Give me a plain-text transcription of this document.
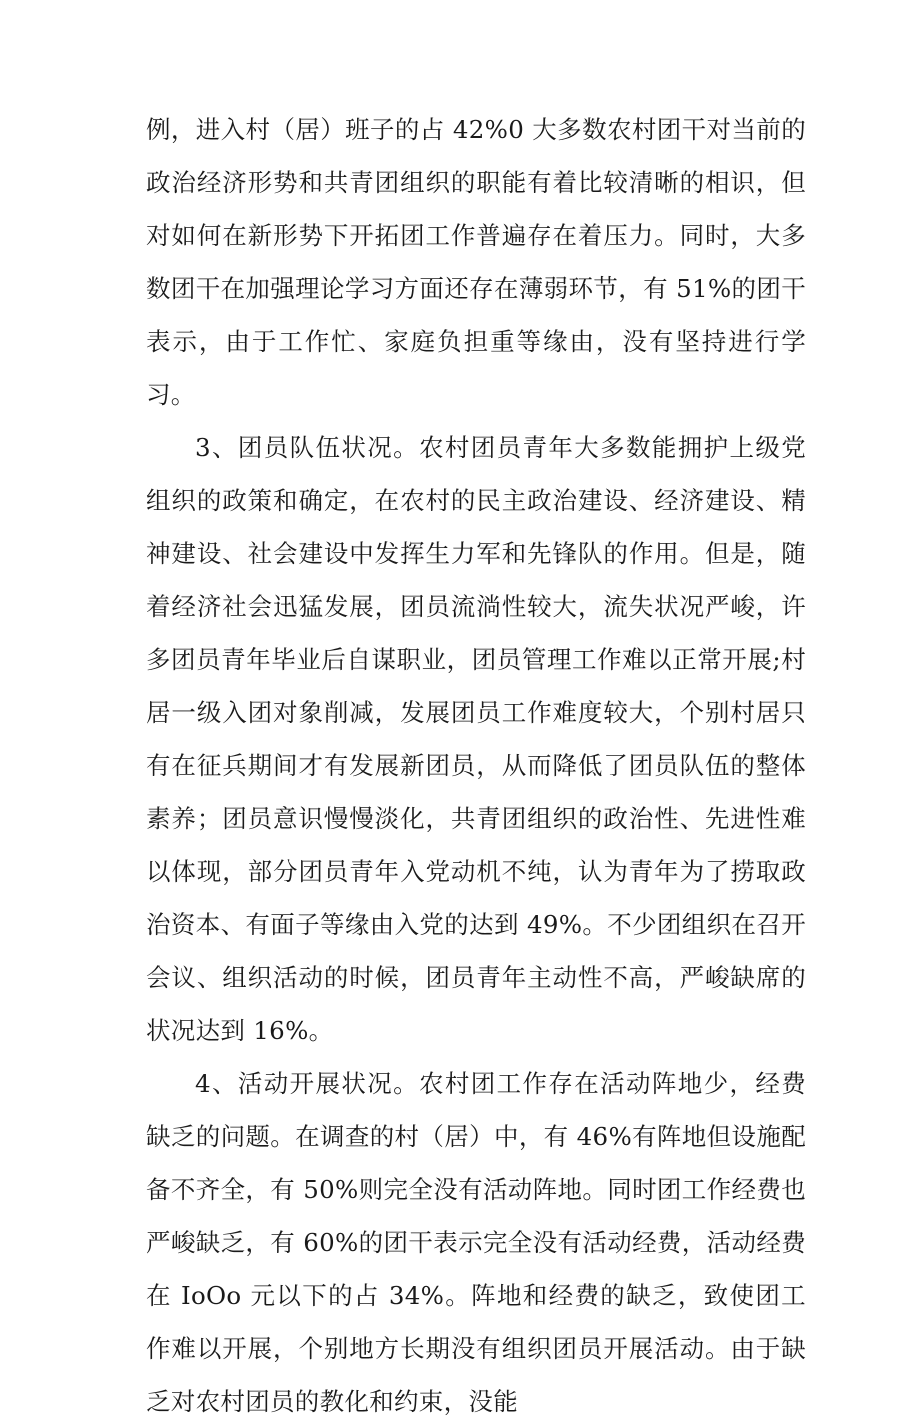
例，进入村（居）班子的占 42%0 大多数农村团干对当前的政治经济形势和共青团组织的职能有着比较清晰的相识，但对如何在新形势下开拓团工作普遍存在着压力。同时，大多数团干在加强理论学习方面还存在薄弱环节，有 51%的团干表示，由于工作忙、家庭负担重等缘由，没有坚持进行学习。

3、团员队伍状况。农村团员青年大多数能拥护上级党组织的政策和确定，在农村的民主政治建设、经济建设、精神建设、社会建设中发挥生力军和先锋队的作用。但是，随着经济社会迅猛发展，团员流淌性较大，流失状况严峻，许多团员青年毕业后自谋职业，团员管理工作难以正常开展;村居一级入团对象削减，发展团员工作难度较大，个别村居只有在征兵期间才有发展新团员，从而降低了团员队伍的整体素养；团员意识慢慢淡化，共青团组织的政治性、先进性难以体现，部分团员青年入党动机不纯，认为青年为了捞取政治资本、有面子等缘由入党的达到 49%。不少团组织在召开会议、组织活动的时候，团员青年主动性不高，严峻缺席的状况达到 16%。

4、活动开展状况。农村团工作存在活动阵地少，经费缺乏的问题。在调查的村（居）中，有 46%有阵地但设施配备不齐全，有 50%则完全没有活动阵地。同时团工作经费也严峻缺乏，有 60%的团干表示完全没有活动经费，活动经费在 IoOo 元以下的占 34%。阵地和经费的缺乏，致使团工作难以开展，个别地方长期没有组织团员开展活动。由于缺乏对农村团员的教化和约束，没能
